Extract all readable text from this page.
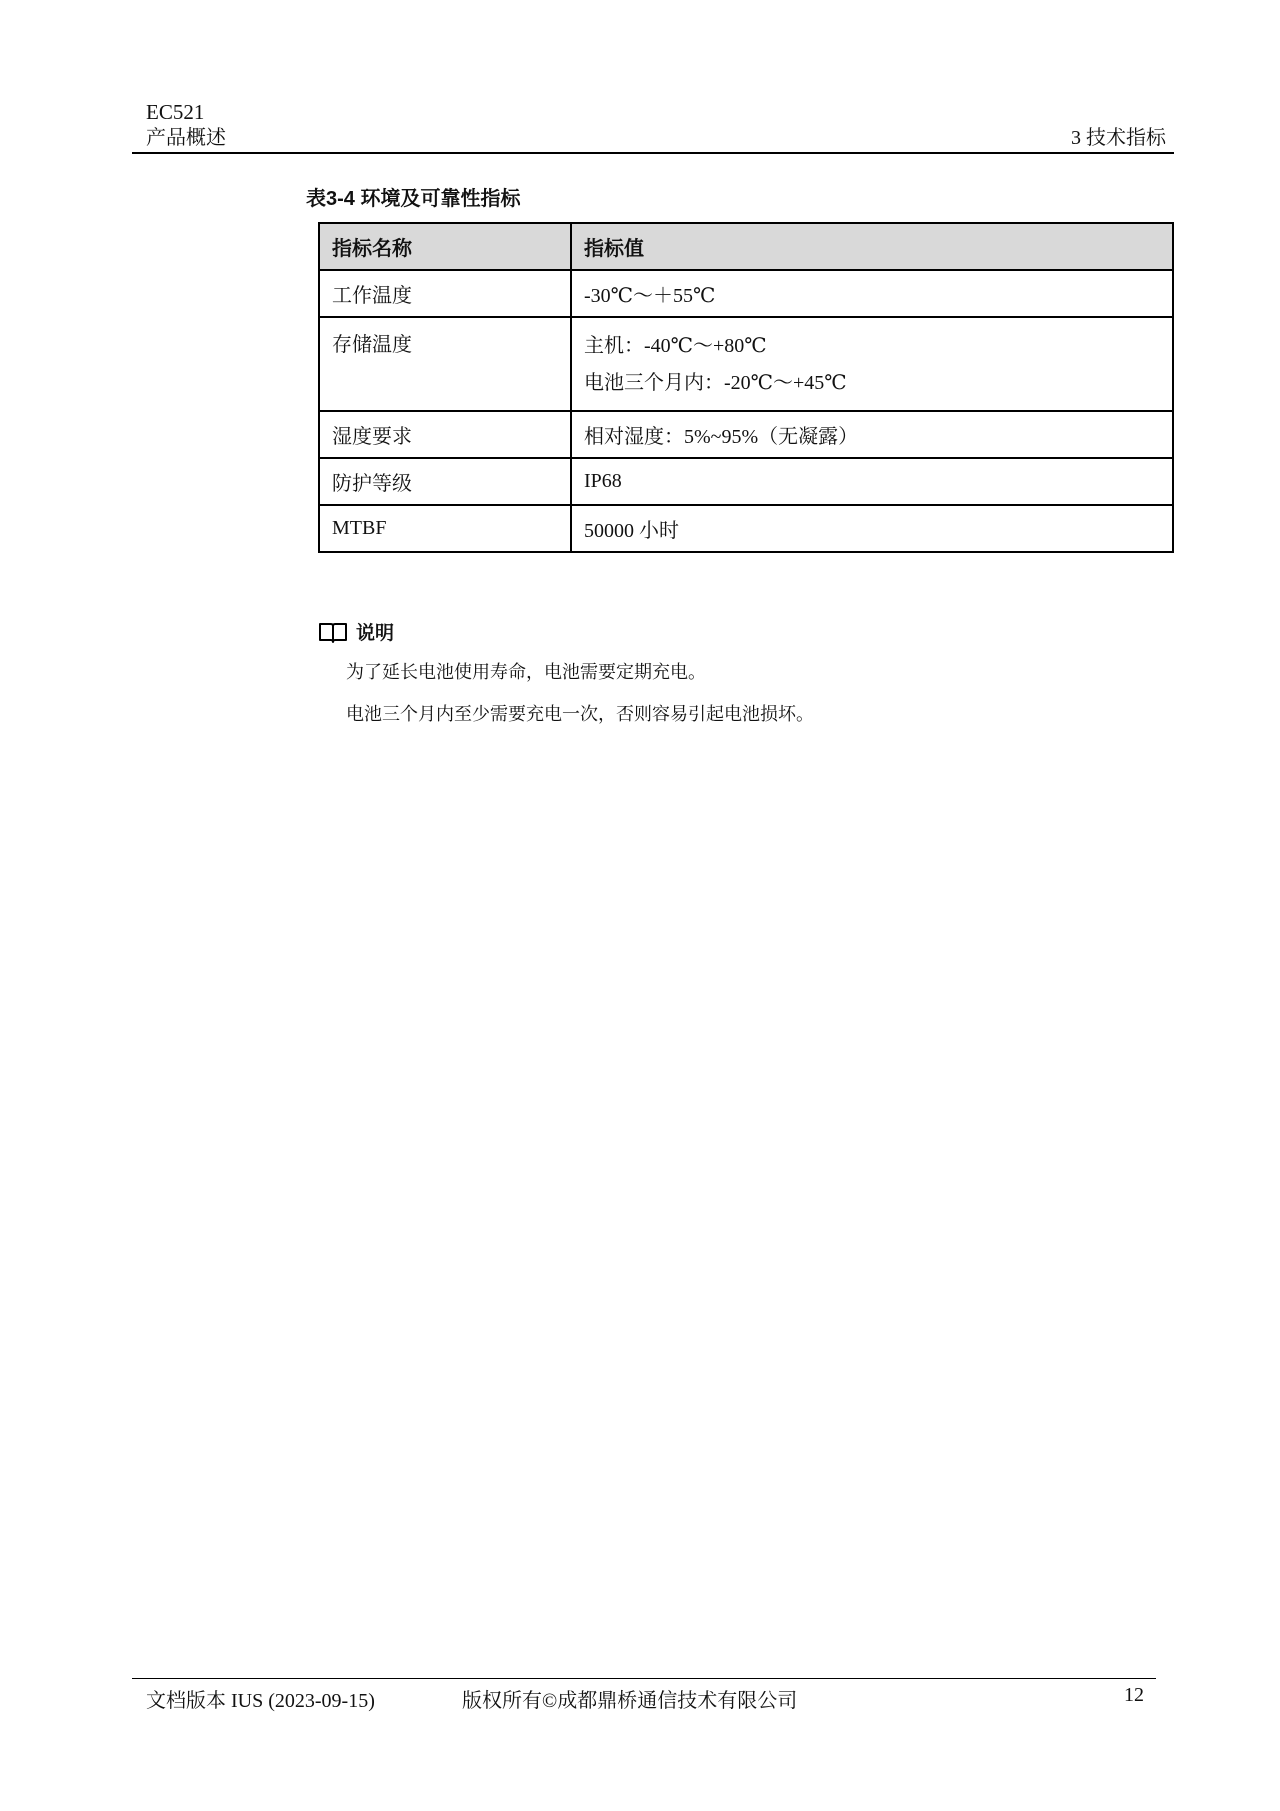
EC521
产品概述	3 技术指标
表3-4 环境及可靠性指标
指标名称	指标值
工作温度	-30℃～＋55℃
存储温度	主机：-40℃～+80℃
电池三个月内：-20℃～+45℃

湿度要求	相对湿度：5%~95%（无凝露）
防护等级	IP68
MTBF	50000 小时
说明
为了延长电池使用寿命，电池需要定期充电。
电池三个月内至少需要充电一次，否则容易引起电池损坏。
文档版本 IUS (2023-09-15)	版权所有©成都鼎桥通信技术有限公司	12
